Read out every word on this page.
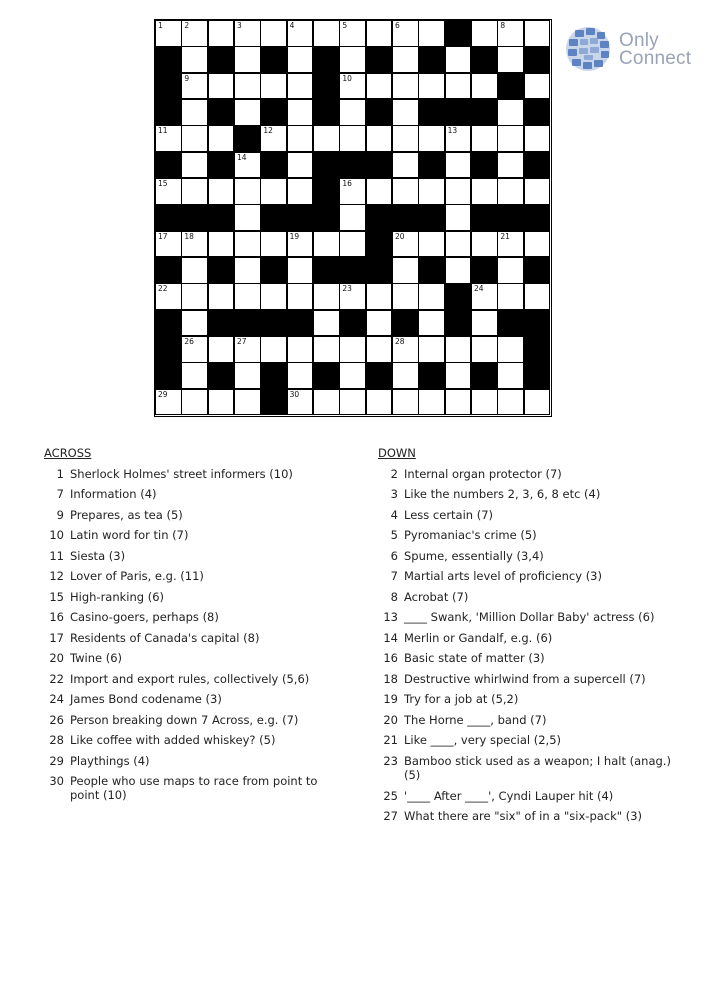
1	2	3	4	5	6	8
9	10
11	12	13
14
15	16
17 18	19	20	21
22	23	24
26	27	28
29	30
Only
Connect
ACROSS
1 Sherlock Holmes' street informers (10)
7 Information (4)
9 Prepares, as tea (5)
10 Latin word for tin (7)
11 Siesta (3)
12 Lover of Paris, e.g. (11)
15 High-ranking (6)
16 Casino-goers, perhaps (8)
17 Residents of Canada's capital (8)
20 Twine (6)
22 Import and export rules, collectively (5,6)
24 James Bond codename (3)
26 Person breaking down 7 Across, e.g. (7)
28 Like coffee with added whiskey? (5)
29 Playthings (4)
30 People who use maps to race from point to point (10)
DOWN
2 Internal organ protector (7)
3 Like the numbers 2, 3, 6, 8 etc (4)
4 Less certain (7)
5 Pyromaniac's crime (5)
6 Spume, essentially (3,4)
7 Martial arts level of proficiency (3)
8 Acrobat (7)
13 ____ Swank, 'Million Dollar Baby' actress (6)
14 Merlin or Gandalf, e.g. (6)
16 Basic state of matter (3)
18 Destructive whirlwind from a supercell (7)
19 Try for a job at (5,2)
20 The Horne ____, band (7)
21 Like ____, very special (2,5)
23 Bamboo stick used as a weapon; I halt (anag.) (5)
25 '____ After ____', Cyndi Lauper hit (4)
27 What there are "six" of in a "six-pack" (3)
